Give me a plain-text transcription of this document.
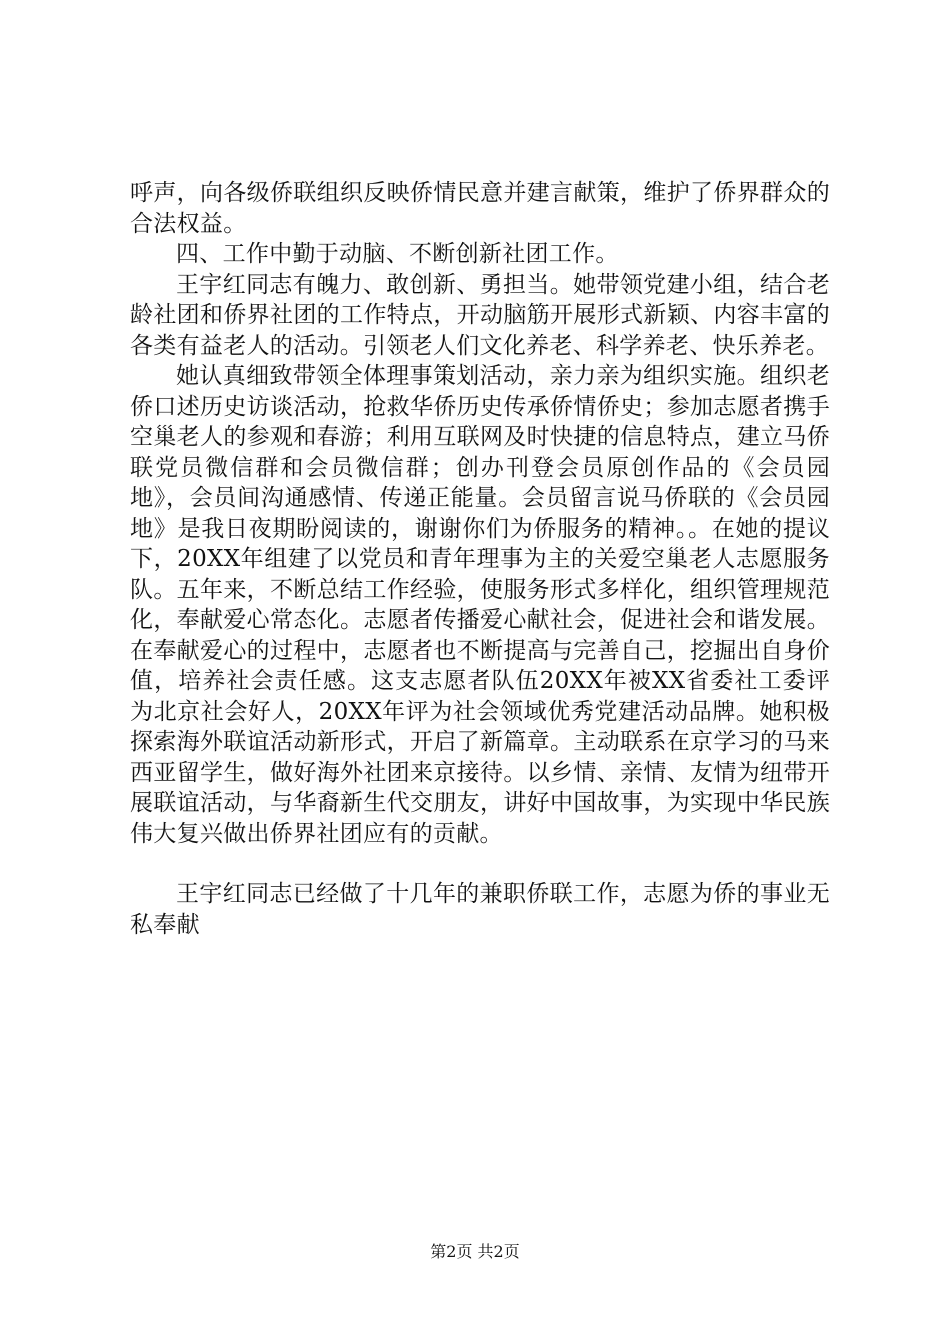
呼声，向各级侨联组织反映侨情民意并建言献策，维护了侨界群众的合法权益。

四、工作中勤于动脑、不断创新社团工作。

王宇红同志有魄力、敢创新、勇担当。她带领党建小组，结合老龄社团和侨界社团的工作特点，开动脑筋开展形式新颖、内容丰富的各类有益老人的活动。引领老人们文化养老、科学养老、快乐养老。

她认真细致带领全体理事策划活动，亲力亲为组织实施。组织老侨口述历史访谈活动，抢救华侨历史传承侨情侨史；参加志愿者携手空巢老人的参观和春游；利用互联网及时快捷的信息特点，建立马侨联党员微信群和会员微信群；创办刊登会员原创作品的《会员园地》，会员间沟通感情、传递正能量。会员留言说马侨联的《会员园地》是我日夜期盼阅读的，谢谢你们为侨服务的精神。。在她的提议下，20XX年组建了以党员和青年理事为主的关爱空巢老人志愿服务队。五年来，不断总结工作经验，使服务形式多样化，组织管理规范化，奉献爱心常态化。志愿者传播爱心献社会，促进社会和谐发展。在奉献爱心的过程中，志愿者也不断提高与完善自己，挖掘出自身价值，培养社会责任感。这支志愿者队伍20XX年被XX省委社工委评为北京社会好人，20XX年评为社会领域优秀党建活动品牌。她积极探索海外联谊活动新形式，开启了新篇章。主动联系在京学习的马来西亚留学生，做好海外社团来京接待。以乡情、亲情、友情为纽带开展联谊活动，与华裔新生代交朋友，讲好中国故事，为实现中华民族伟大复兴做出侨界社团应有的贡献。

王宇红同志已经做了十几年的兼职侨联工作，志愿为侨的事业无私奉献

第2页 共2页
